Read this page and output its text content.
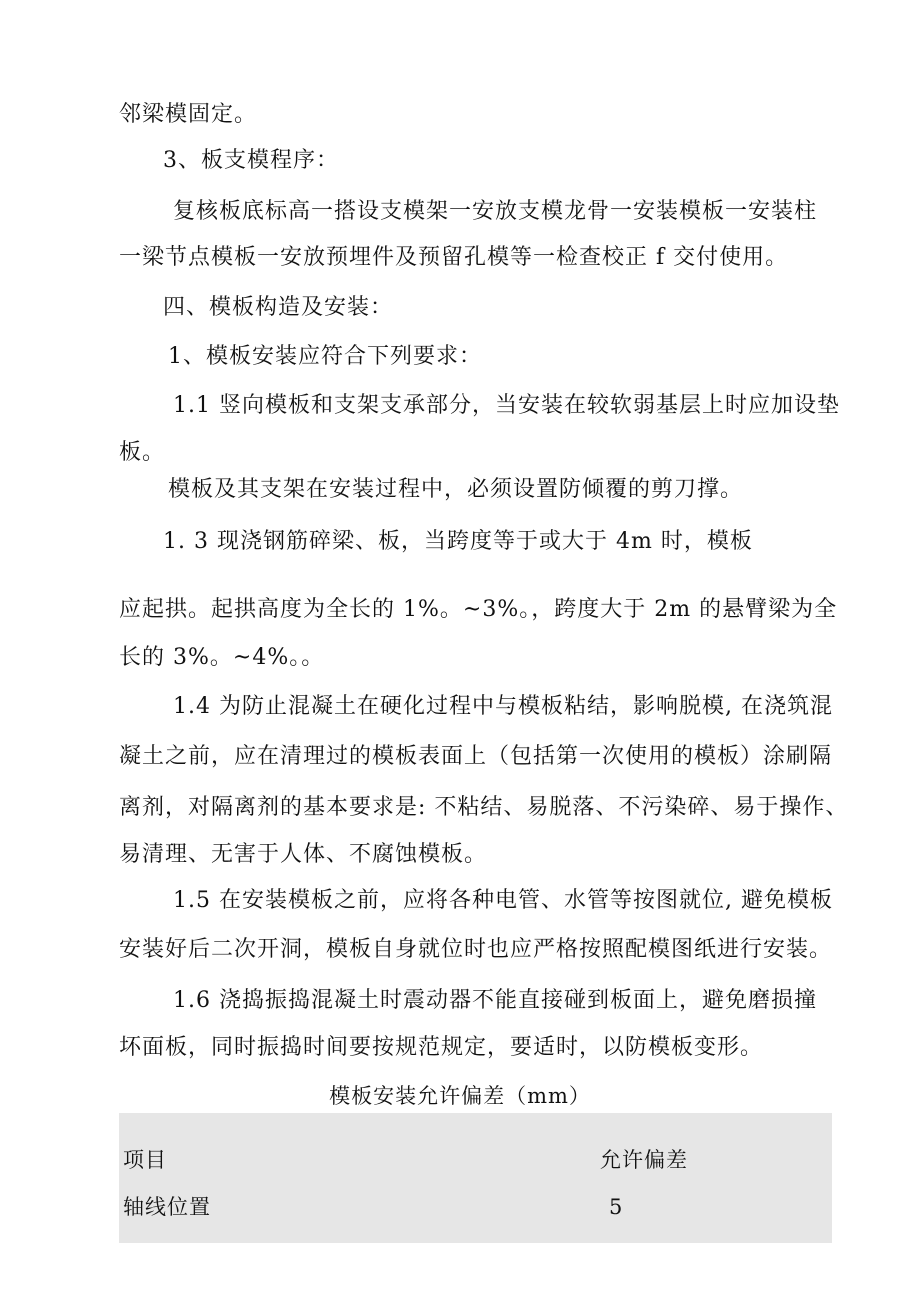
邻梁模固定。
3、板支模程序：
复核板底标高一搭设支模架一安放支模龙骨一安装模板一安装柱
一梁节点模板一安放预埋件及预留孔模等一检查校正 f 交付使用。
四、模板构造及安装：
1、模板安装应符合下列要求：
1.1 竖向模板和支架支承部分，当安装在较软弱基层上时应加设垫
板。
模板及其支架在安装过程中，必须设置防倾覆的剪刀撑。
1. 3 现浇钢筋碎梁、板，当跨度等于或大于 4m 时，模板
应起拱。起拱高度为全长的 1%。~3%。，跨度大于 2m 的悬臂梁为全
长的 3%。~4%。。
1.4 为防止混凝土在硬化过程中与模板粘结，影响脱模, 在浇筑混
凝土之前，应在清理过的模板表面上（包括第一次使用的模板）涂刷隔
离剂，对隔离剂的基本要求是: 不粘结、易脱落、不污染碎、易于操作、
易清理、无害于人体、不腐蚀模板。
1.5 在安装模板之前，应将各种电管、水管等按图就位, 避免模板
安装好后二次开洞，模板自身就位时也应严格按照配模图纸进行安装。
1.6 浇捣振捣混凝土时震动器不能直接碰到板面上，避免磨损撞
坏面板，同时振捣时间要按规范规定，要适时，以防模板变形。
模板安装允许偏差（mm）
项目	允许偏差
轴线位置	5
